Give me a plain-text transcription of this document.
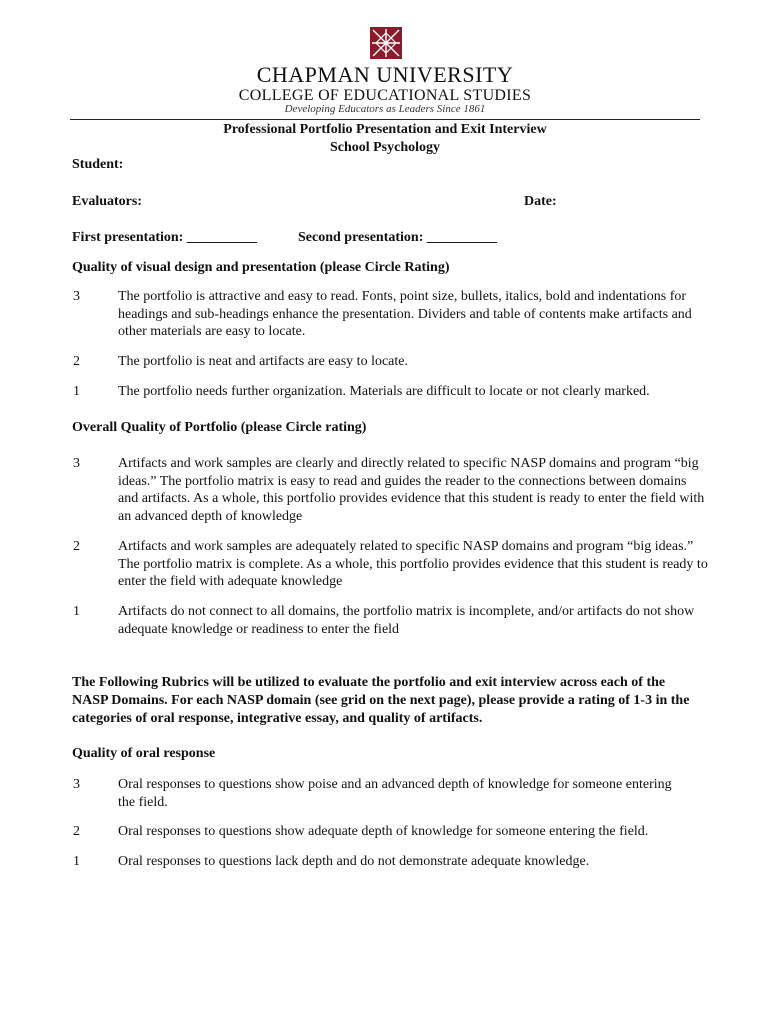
CHAPMAN UNIVERSITY
COLLEGE OF EDUCATIONAL STUDIES
Developing Educators as Leaders Since 1861
Professional Portfolio Presentation and Exit Interview
School Psychology
Student:
Evaluators:	Date:
First presentation: __________	Second presentation: __________
Quality of visual design and presentation (please Circle Rating)
3	The portfolio is attractive and easy to read. Fonts, point size, bullets, italics, bold and indentations for headings and sub-headings enhance the presentation. Dividers and table of contents make artifacts and other materials are easy to locate.
2	The portfolio is neat and artifacts are easy to locate.
1	The portfolio needs further organization. Materials are difficult to locate or not clearly marked.
Overall Quality of Portfolio (please Circle rating)
3	Artifacts and work samples are clearly and directly related to specific NASP domains and program “big ideas.” The portfolio matrix is easy to read and guides the reader to the connections between domains and artifacts. As a whole, this portfolio provides evidence that this student is ready to enter the field with an advanced depth of knowledge
2	Artifacts and work samples are adequately related to specific NASP domains and program “big ideas.” The portfolio matrix is complete. As a whole, this portfolio provides evidence that this student is ready to enter the field with adequate knowledge
1	Artifacts do not connect to all domains, the portfolio matrix is incomplete, and/or artifacts do not show adequate knowledge or readiness to enter the field
The Following Rubrics will be utilized to evaluate the portfolio and exit interview across each of the NASP Domains. For each NASP domain (see grid on the next page), please provide a rating of 1-3 in the categories of oral response, integrative essay, and quality of artifacts.
Quality of oral response
3	Oral responses to questions show poise and an advanced depth of knowledge for someone entering the field.
2	Oral responses to questions show adequate depth of knowledge for someone entering the field.
1	Oral responses to questions lack depth and do not demonstrate adequate knowledge.
